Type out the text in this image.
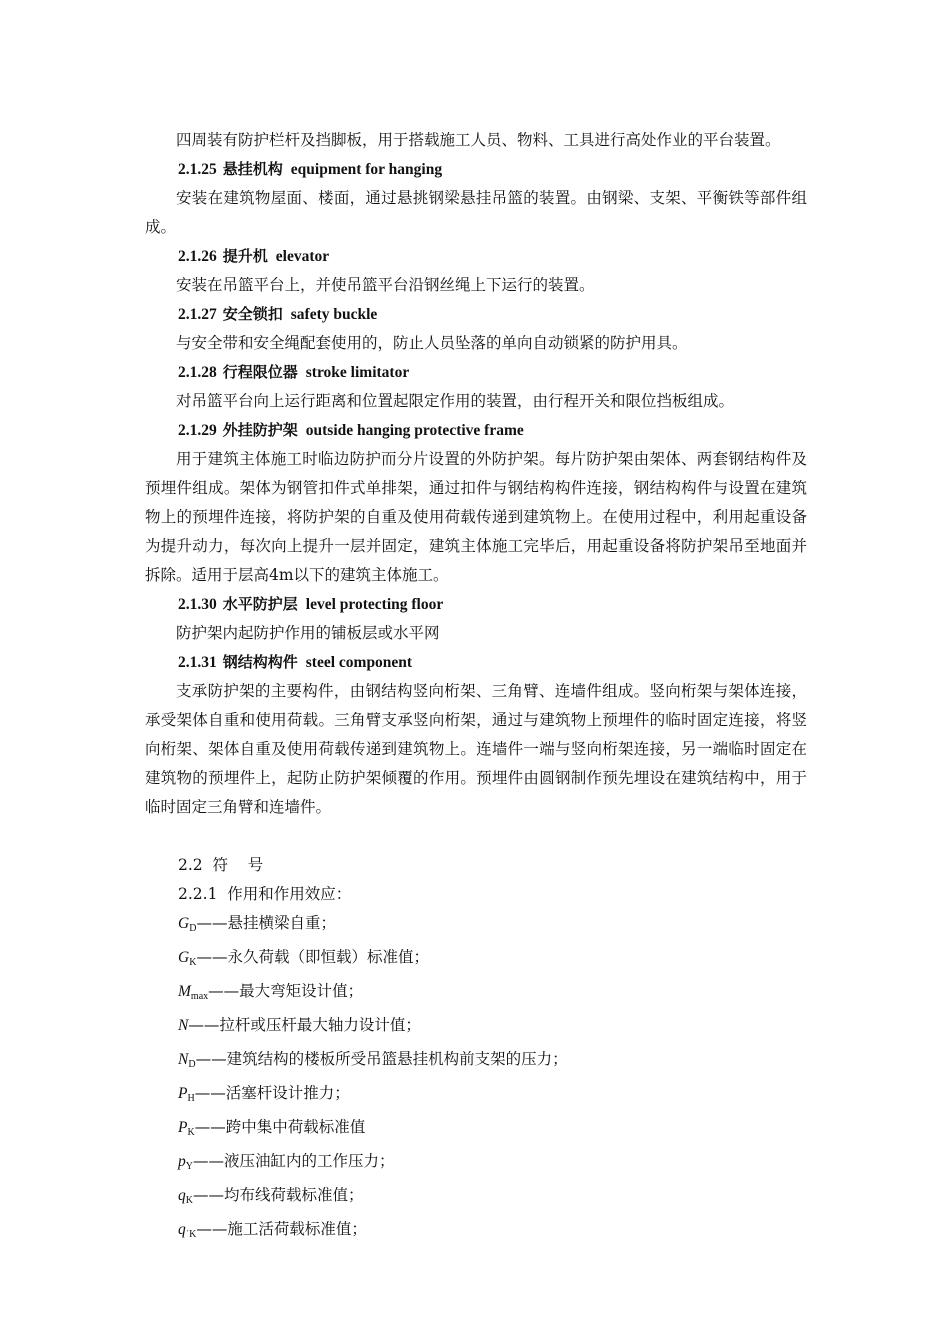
四周装有防护栏杆及挡脚板，用于搭载施工人员、物料、工具进行高处作业的平台装置。

2.1.25 悬挂机构 equipment for hanging

安装在建筑物屋面、楼面，通过悬挑钢梁悬挂吊篮的装置。由钢梁、支架、平衡铁等部件组成。

2.1.26 提升机 elevator

安装在吊篮平台上，并使吊篮平台沿钢丝绳上下运行的装置。

2.1.27 安全锁扣 safety buckle

与安全带和安全绳配套使用的，防止人员坠落的单向自动锁紧的防护用具。

2.1.28 行程限位器 stroke limitator

对吊篮平台向上运行距离和位置起限定作用的装置，由行程开关和限位挡板组成。

2.1.29 外挂防护架 outside hanging protective frame

用于建筑主体施工时临边防护而分片设置的外防护架。每片防护架由架体、两套钢结构件及预埋件组成。架体为钢管扣件式单排架，通过扣件与钢结构构件连接，钢结构构件与设置在建筑物上的预埋件连接，将防护架的自重及使用荷载传递到建筑物上。在使用过程中，利用起重设备为提升动力，每次向上提升一层并固定，建筑主体施工完毕后，用起重设备将防护架吊至地面并拆除。适用于层高4m以下的建筑主体施工。

2.1.30 水平防护层 level protecting floor

防护架内起防护作用的铺板层或水平网

2.1.31 钢结构构件 steel component

支承防护架的主要构件，由钢结构竖向桁架、三角臂、连墙件组成。竖向桁架与架体连接，承受架体自重和使用荷载。三角臂支承竖向桁架，通过与建筑物上预埋件的临时固定连接，将竖向桁架、架体自重及使用荷载传递到建筑物上。连墙件一端与竖向桁架连接，另一端临时固定在建筑物的预埋件上，起防止防护架倾覆的作用。预埋件由圆钢制作预先埋设在建筑结构中，用于临时固定三角臂和连墙件。

2.2  符    号

2.2.1  作用和作用效应：

$G_D——$悬挂横梁自重；

$G_K——$永久荷载（即恒载）标准值；

$M_{max}——$最大弯矩设计值；

N——拉杆或压杆最大轴力设计值；

$N_D——$建筑结构的楼板所受吊篮悬挂机构前支架的压力；

$P_H——$活塞杆设计推力；

$P_K——$跨中集中荷载标准值

$p_Y——$液压油缸内的工作压力；

$q_K——$均布线荷载标准值；

$q_{ˈK}——$施工活荷载标准值；
